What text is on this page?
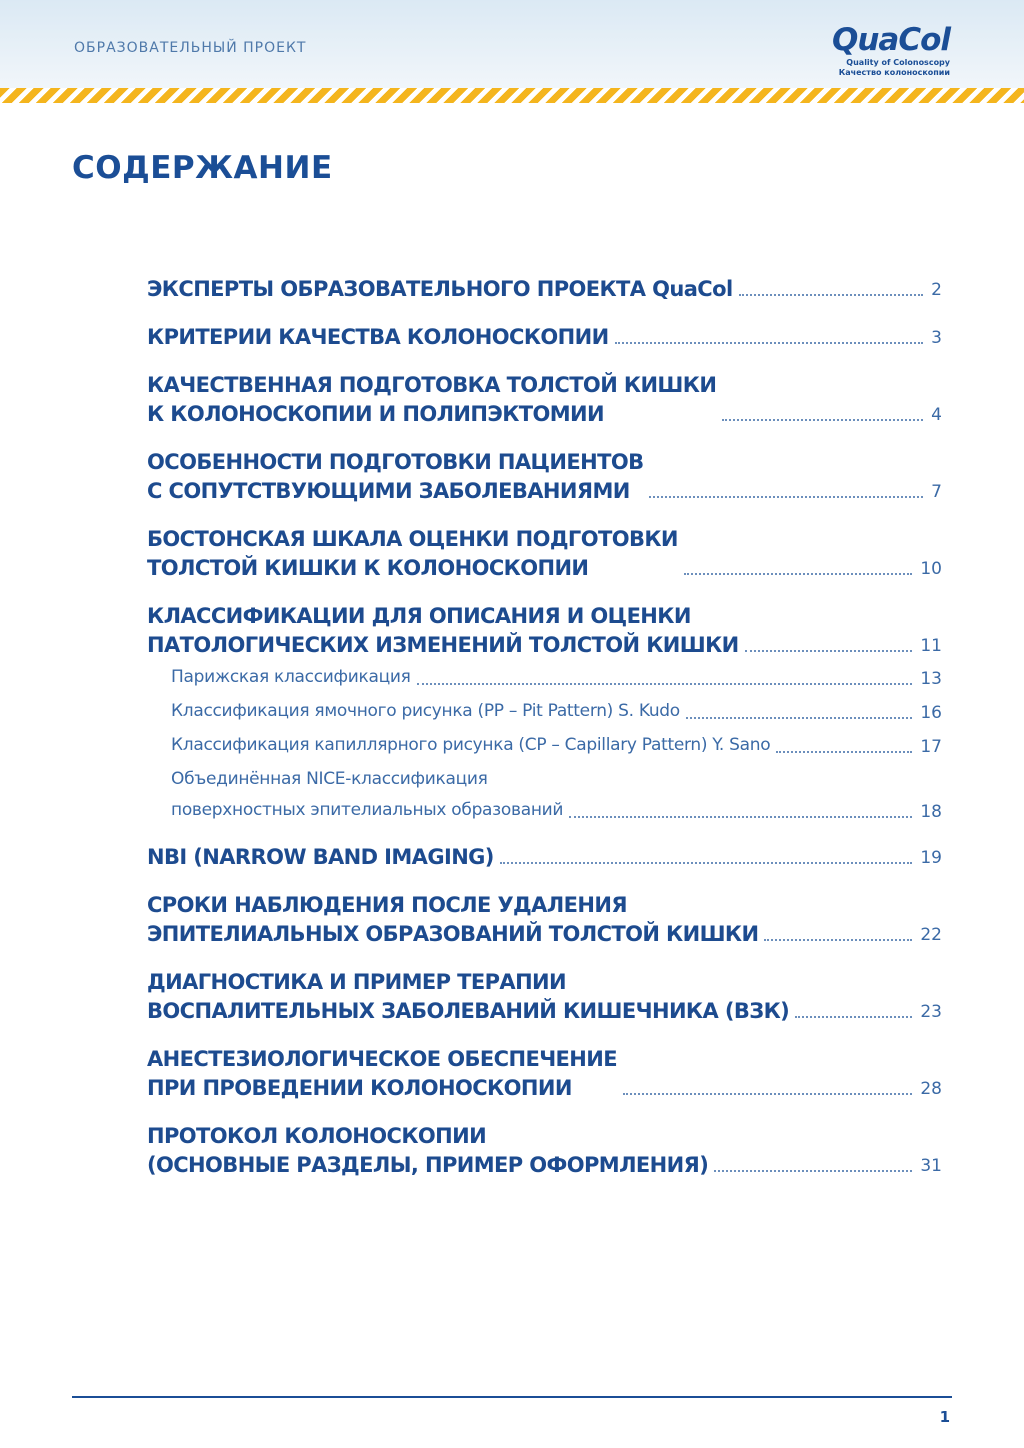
ОБРАЗОВАТЕЛЬНЫЙ ПРОЕКТ	QuaCol
Quality of Colonoscopy
Качество колоноскопии
СОДЕРЖАНИЕ
ЭКСПЕРТЫ ОБРАЗОВАТЕЛЬНОГО ПРОЕКТА QuaCol	2
КРИТЕРИИ КАЧЕСТВА КОЛОНОСКОПИИ	3
КАЧЕСТВЕННАЯ ПОДГОТОВКА ТОЛСТОЙ КИШКИ
К КОЛОНОСКОПИИ И ПОЛИПЭКТОМИИ	4
ОСОБЕННОСТИ ПОДГОТОВКИ ПАЦИЕНТОВ
С СОПУТСТВУЮЩИМИ ЗАБОЛЕВАНИЯМИ	7
БОСТОНСКАЯ ШКАЛА ОЦЕНКИ ПОДГОТОВКИ
ТОЛСТОЙ КИШКИ К КОЛОНОСКОПИИ	10
КЛАССИФИКАЦИИ ДЛЯ ОПИСАНИЯ И ОЦЕНКИ
ПАТОЛОГИЧЕСКИХ ИЗМЕНЕНИЙ ТОЛСТОЙ КИШКИ	11
Парижская классификация	13
Классификация ямочного рисунка (PP – Pit Pattern) S. Kudo	16
Классификация капиллярного рисунка (CP – Capillary Pattern) Y. Sano	17
Объединённая NICE-классификация
поверхностных эпителиальных образований	18
NBI (NARROW BAND IMAGING)	19
СРОКИ НАБЛЮДЕНИЯ ПОСЛЕ УДАЛЕНИЯ
ЭПИТЕЛИАЛЬНЫХ ОБРАЗОВАНИЙ ТОЛСТОЙ КИШКИ	22
ДИАГНОСТИКА И ПРИМЕР ТЕРАПИИ
ВОСПАЛИТЕЛЬНЫХ ЗАБОЛЕВАНИЙ КИШЕЧНИКА (ВЗК)	23
АНЕСТЕЗИОЛОГИЧЕСКОЕ ОБЕСПЕЧЕНИЕ
ПРИ ПРОВЕДЕНИИ КОЛОНОСКОПИИ	28
ПРОТОКОЛ КОЛОНОСКОПИИ
(ОСНОВНЫЕ РАЗДЕЛЫ, ПРИМЕР ОФОРМЛЕНИЯ)	31
1
